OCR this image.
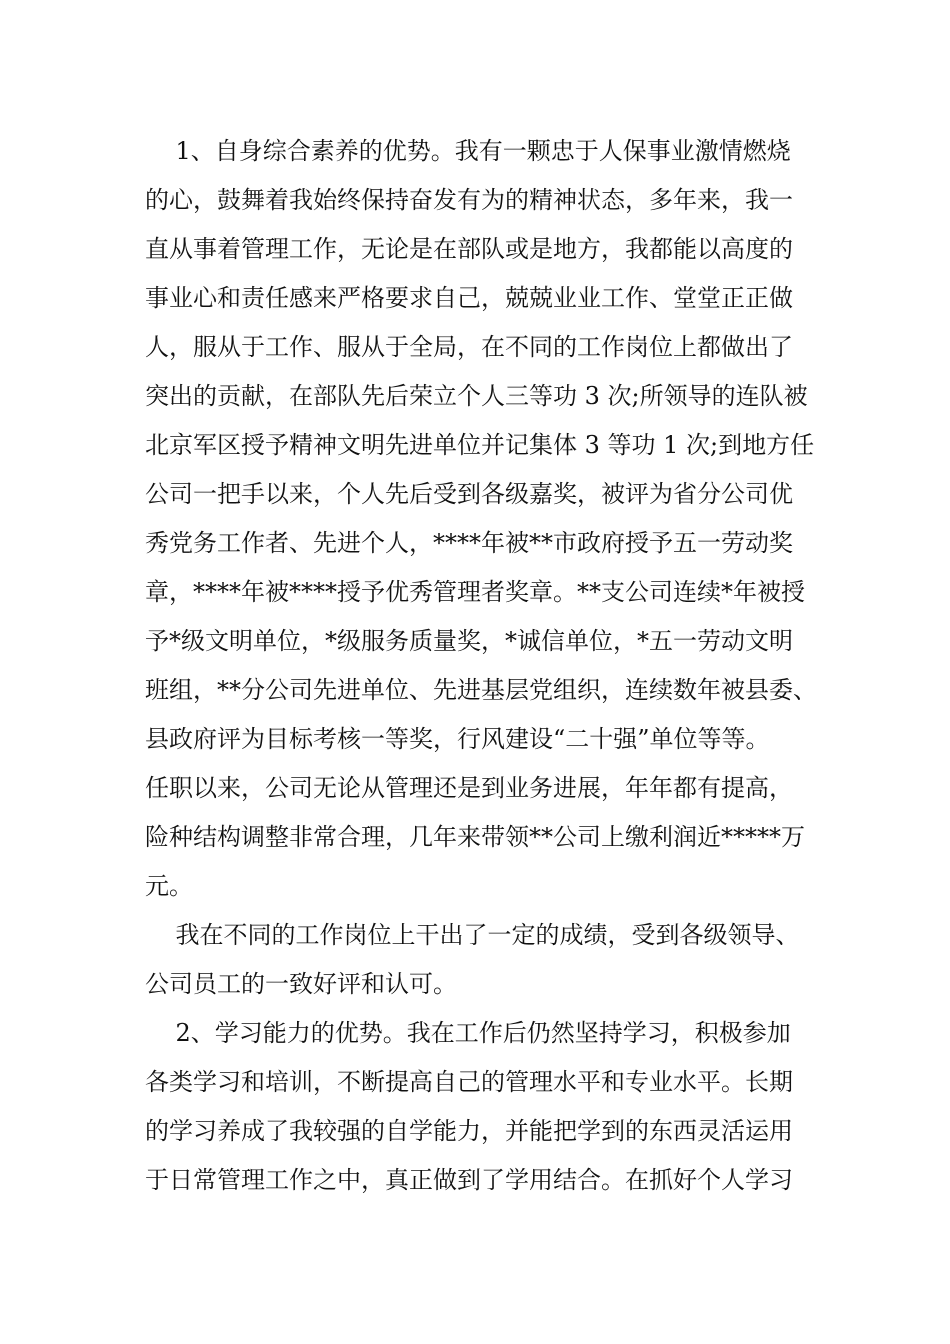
1、自身综合素养的优势。我有一颗忠于人保事业激情燃烧
的心，鼓舞着我始终保持奋发有为的精神状态，多年来，我一
直从事着管理工作，无论是在部队或是地方，我都能以高度的
事业心和责任感来严格要求自己，兢兢业业工作、堂堂正正做
人，服从于工作、服从于全局，在不同的工作岗位上都做出了
突出的贡献，在部队先后荣立个人三等功 3 次;所领导的连队被
北京军区授予精神文明先进单位并记集体 3 等功 1 次;到地方任
公司一把手以来，个人先后受到各级嘉奖，被评为省分公司优
秀党务工作者、先进个人，****年被**市政府授予五一劳动奖
章，****年被****授予优秀管理者奖章。**支公司连续*年被授
予*级文明单位，*级服务质量奖，*诚信单位，*五一劳动文明
班组，**分公司先进单位、先进基层党组织，连续数年被县委、
县政府评为目标考核一等奖，行风建设“二十强”单位等等。
任职以来，公司无论从管理还是到业务进展，年年都有提高，
险种结构调整非常合理，几年来带领**公司上缴利润近*****万
元。
我在不同的工作岗位上干出了一定的成绩，受到各级领导、
公司员工的一致好评和认可。
2、学习能力的优势。我在工作后仍然坚持学习，积极参加
各类学习和培训，不断提高自己的管理水平和专业水平。长期
的学习养成了我较强的自学能力，并能把学到的东西灵活运用
于日常管理工作之中，真正做到了学用结合。在抓好个人学习
